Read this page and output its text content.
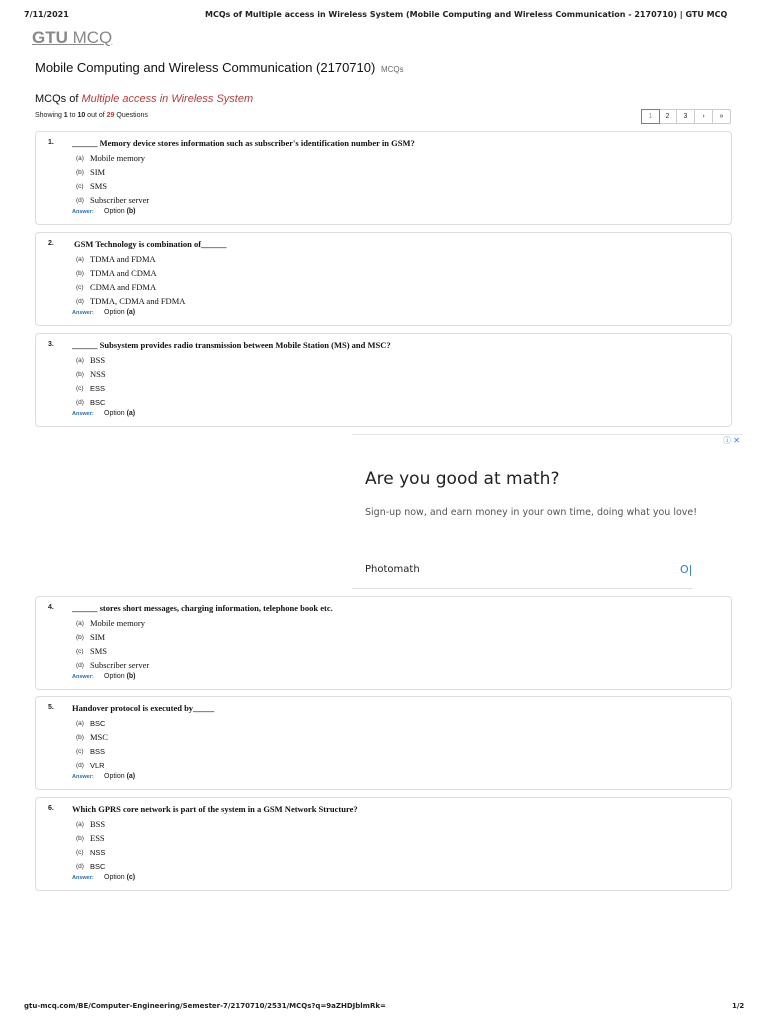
7/11/2021	MCQs of Multiple access in Wireless System (Mobile Computing and Wireless Communication - 2170710) | GTU MCQ
GTU MCQ
Mobile Computing and Wireless Communication (2170710) MCQs
MCQs of Multiple access in Wireless System
Showing 1 to 10 out of 29 Questions	1	2	3	›	»
1. ______ Memory device stores information such as subscriber's identification number in GSM?
(a) Mobile memory
(b) SIM
(c) SMS
(d) Subscriber server
Answer:	Option (b)
2. GSM Technology is combination of______
(a) TDMA and FDMA
(b) TDMA and CDMA
(c) CDMA and FDMA
(d) TDMA, CDMA and FDMA
Answer:	Option (a)
3. ______ Subsystem provides radio transmission between Mobile Station (MS) and MSC?
(a) BSS
(b) NSS
(c) ESS
(d) BSC
Answer:	Option (a)
4. ______ stores short messages, charging information, telephone book etc.
(a) Mobile memory
(b) SIM
(c) SMS
(d) Subscriber server
Answer:	Option (b)
5. Handover protocol is executed by_____
(a) BSC
(b) MSC
(c) BSS
(d) VLR
Answer:	Option (a)
6. Which GPRS core network is part of the system in a GSM Network Structure?
(a) BSS
(b) ESS
(c) NSS
(d) BSC
Answer:	Option (c)
ⓘ ✕
Are you good at math?
Sign-up now, and earn money in your own time, doing what you love!
Photomath	O|
gtu-mcq.com/BE/Computer-Engineering/Semester-7/2170710/2531/MCQs?q=9aZHDJblmRk=	1/2
